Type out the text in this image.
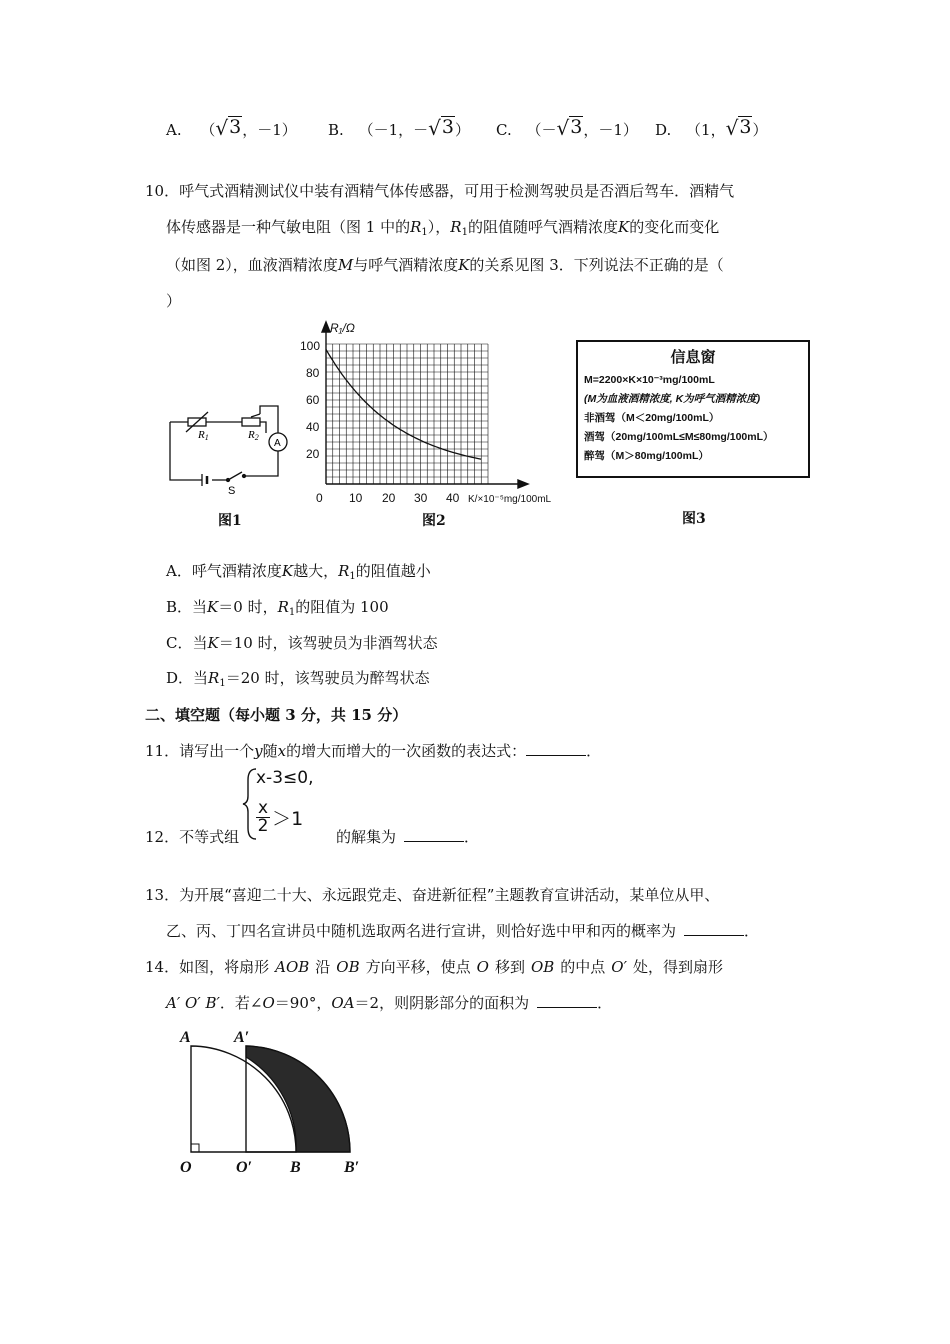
A. （ √ 3 ，－1） B. （－1，－ √ 3 ） C. （－ √ 3 ，－1） D. （1， √ 3 ）
10．呼气式酒精测试仪中装有酒精气体传感器，可用于检测驾驶员是否酒后驾车．酒精气
体传感器是一种气敏电阻（图 1 中的$R_1$），$R_1$的阻值随呼气酒精浓度K的变化而变化
（如图 2），血液酒精浓度M与呼气酒精浓度K的关系见图 3．下列说法不正确的是（
）
R1	R2
A
S
图1
R₁/Ω
100
80
60
40
20
0 10 20 30 40 K/×10⁻⁵mg/100mL
图2
信息窗
M=2200×K×10⁻³mg/100mL
(M为血液酒精浓度, K为呼气酒精浓度)
非酒驾（M＜20mg/100mL）
酒驾（20mg/100mL≤M≤80mg/100mL）
醉驾（M＞80mg/100mL）
图3
A．呼气酒精浓度K越大，$R_1$的阻值越小
B．当K＝0 时，$R_1$的阻值为 100
C．当K＝10 时，该驾驶员为非酒驾状态
D．当$R_1=20$ 时，该驾驶员为醉驾状态
二、填空题（每小题 3 分，共 15 分）
11．请写出一个y随x的增大而增大的一次函数的表达式：	．
12．不等式组
x-3≤0,
$\frac{x}{2} >1$
的解集为	．
13．为开展“喜迎二十大、永远跟党走、奋进新征程”主题教育宣讲活动，某单位从甲、
乙、丙、丁四名宣讲员中随机选取两名进行宣讲，则恰好选中甲和丙的概率为	．
14．如图，将扇形 AOB 沿 OB 方向平移，使点 O 移到 OB 的中点 O′ 处，得到扇形
A′ O′ B′．若∠O＝90°，OA＝2，则阴影部分的面积为	．
A	A′
O	O′ B	B′
